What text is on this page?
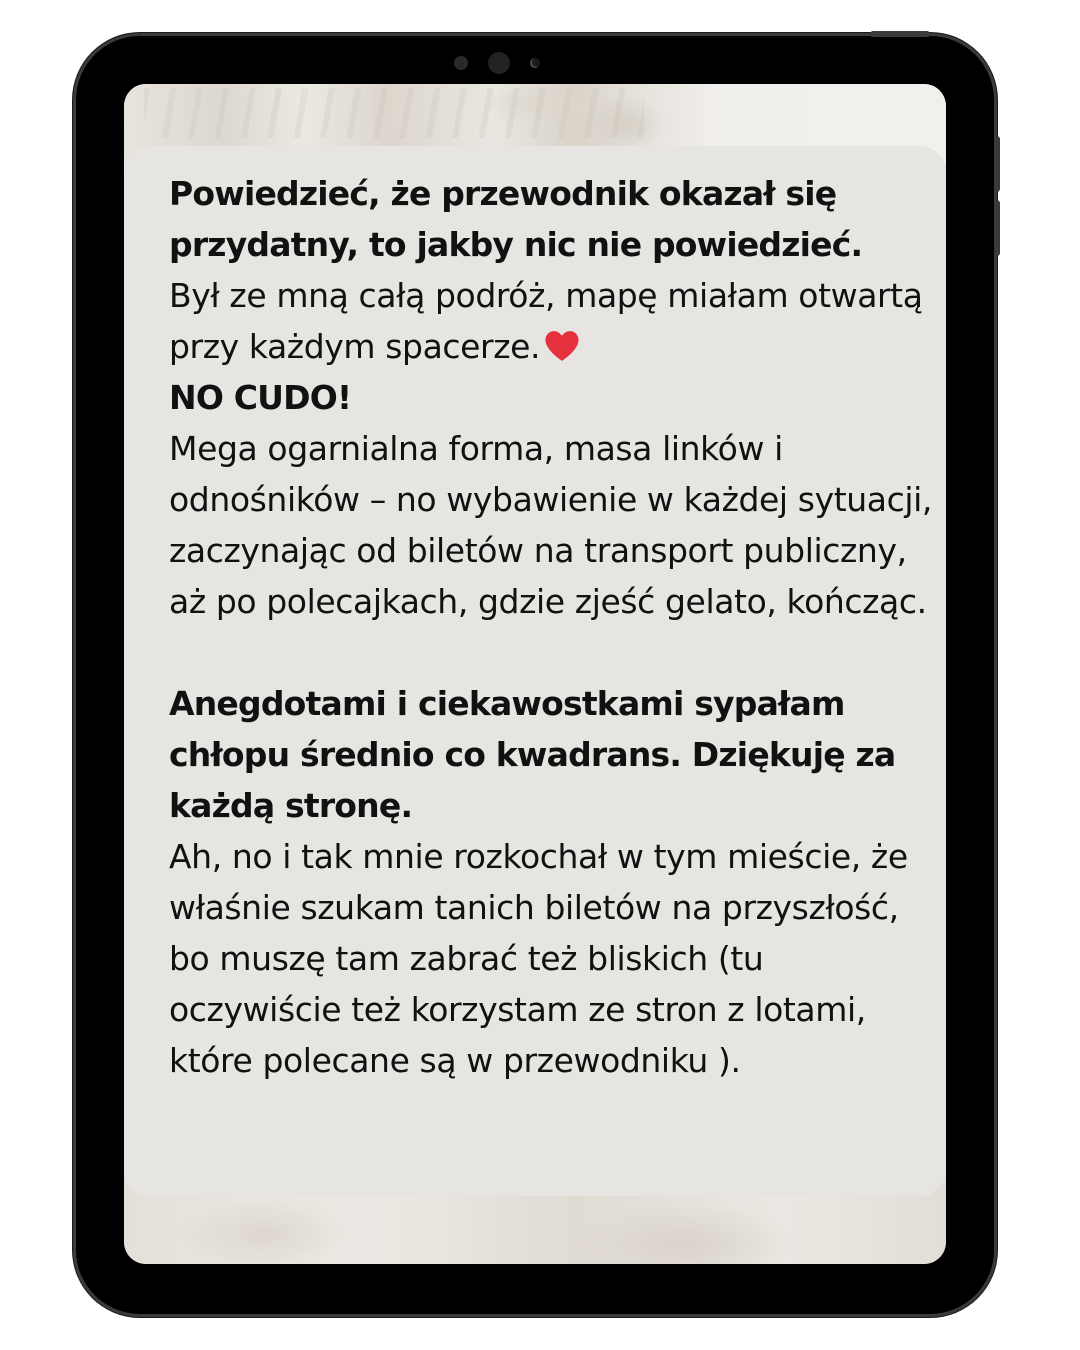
Powiedzieć, że przewodnik okazał się przydatny, to jakby nic nie powiedzieć.

Był ze mną całą podróż, mapę miałam otwartą przy każdym spacerze.

NO CUDO!

Mega ogarnialna forma, masa linków i odnośników – no wybawienie w każdej sytuacji, zaczynając od biletów na transport publiczny, aż po polecajkach, gdzie zjeść gelato, kończąc.

Anegdotami i ciekawostkami sypałam chłopu średnio co kwadrans. Dziękuję za każdą stronę.

Ah, no i tak mnie rozkochał w tym mieście, że właśnie szukam tanich biletów na przyszłość, bo muszę tam zabrać też bliskich (tu oczywiście też korzystam ze stron z lotami, które polecane są w przewodniku ).
